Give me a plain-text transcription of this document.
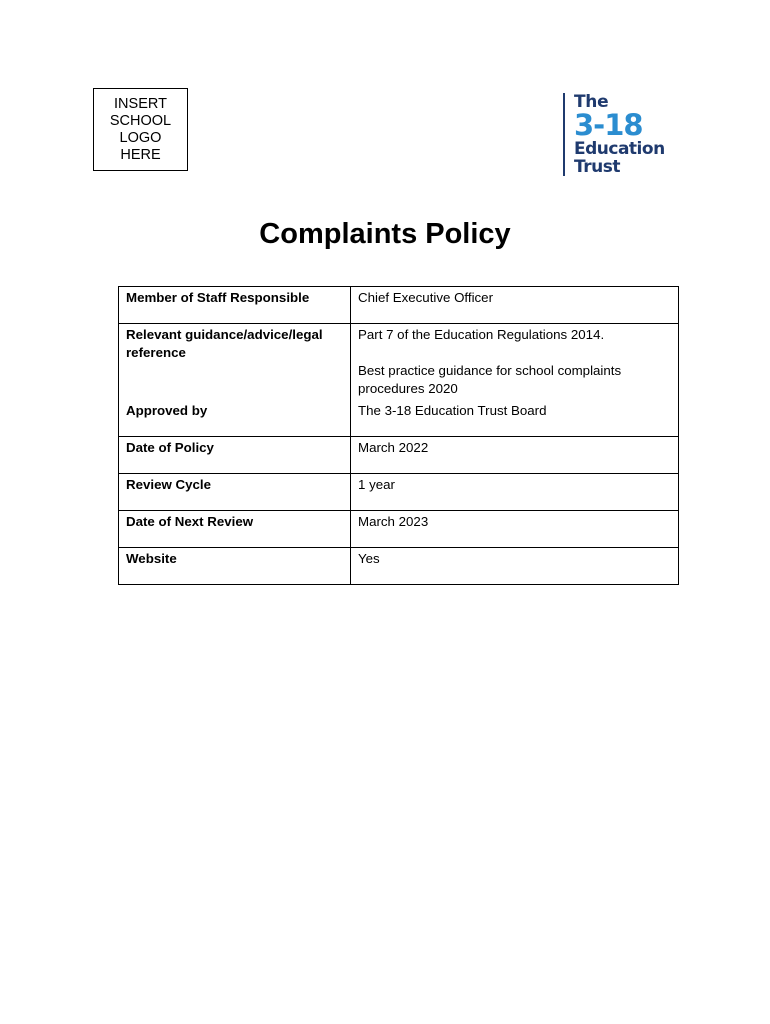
INSERT
SCHOOL
LOGO
HERE
The
3-18
Education
Trust
Complaints Policy
Member of Staff Responsible	Chief Executive Officer
Relevant guidance/advice/legal reference	Part 7 of the Education Regulations 2014.
Best practice guidance for school complaints procedures 2020

Approved by	The 3-18 Education Trust Board
Date of Policy	March 2022
Review Cycle	1 year
Date of Next Review	March 2023
Website	Yes
